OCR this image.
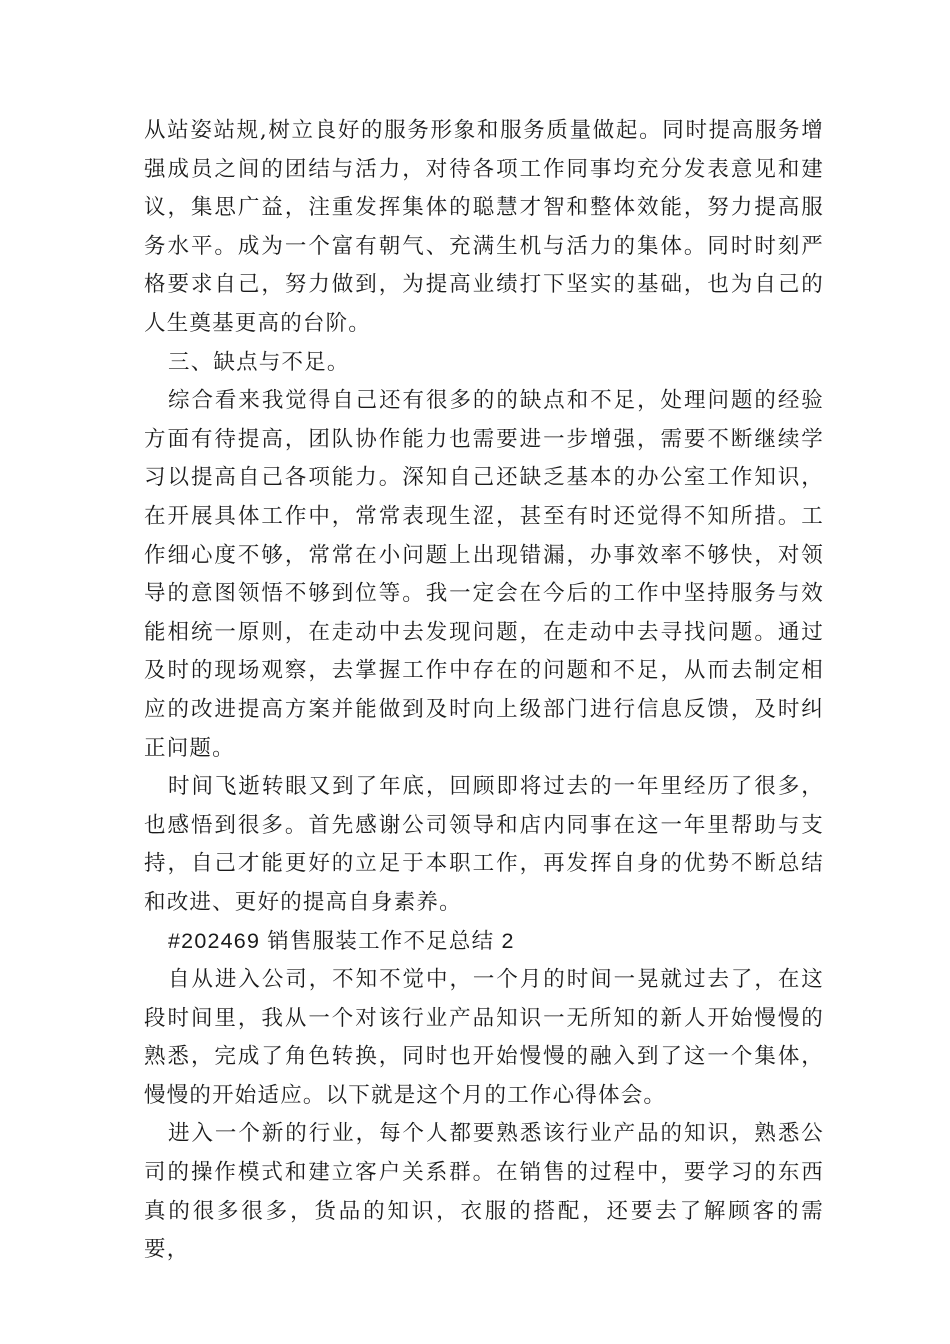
从站姿站规,树立良好的服务形象和服务质量做起。同时提高服务增强成员之间的团结与活力，对待各项工作同事均充分发表意见和建议，集思广益，注重发挥集体的聪慧才智和整体效能，努力提高服务水平。成为一个富有朝气、充满生机与活力的集体。同时时刻严格要求自己，努力做到，为提高业绩打下坚实的基础，也为自己的人生奠基更高的台阶。

三、缺点与不足。

综合看来我觉得自己还有很多的的缺点和不足，处理问题的经验方面有待提高，团队协作能力也需要进一步增强，需要不断继续学习以提高自己各项能力。深知自己还缺乏基本的办公室工作知识，在开展具体工作中，常常表现生涩，甚至有时还觉得不知所措。工作细心度不够，常常在小问题上出现错漏，办事效率不够快，对领导的意图领悟不够到位等。我一定会在今后的工作中坚持服务与效能相统一原则，在走动中去发现问题，在走动中去寻找问题。通过及时的现场观察，去掌握工作中存在的问题和不足，从而去制定相应的改进提高方案并能做到及时向上级部门进行信息反馈，及时纠正问题。

时间飞逝转眼又到了年底，回顾即将过去的一年里经历了很多，也感悟到很多。首先感谢公司领导和店内同事在这一年里帮助与支持，自己才能更好的立足于本职工作，再发挥自身的优势不断总结和改进、更好的提高自身素养。

#202469 销售服装工作不足总结 2

自从进入公司，不知不觉中，一个月的时间一晃就过去了，在这段时间里，我从一个对该行业产品知识一无所知的新人开始慢慢的熟悉，完成了角色转换，同时也开始慢慢的融入到了这一个集体，慢慢的开始适应。以下就是这个月的工作心得体会。

进入一个新的行业，每个人都要熟悉该行业产品的知识，熟悉公司的操作模式和建立客户关系群。在销售的过程中，要学习的东西真的很多很多，货品的知识，衣服的搭配，还要去了解顾客的需要，
